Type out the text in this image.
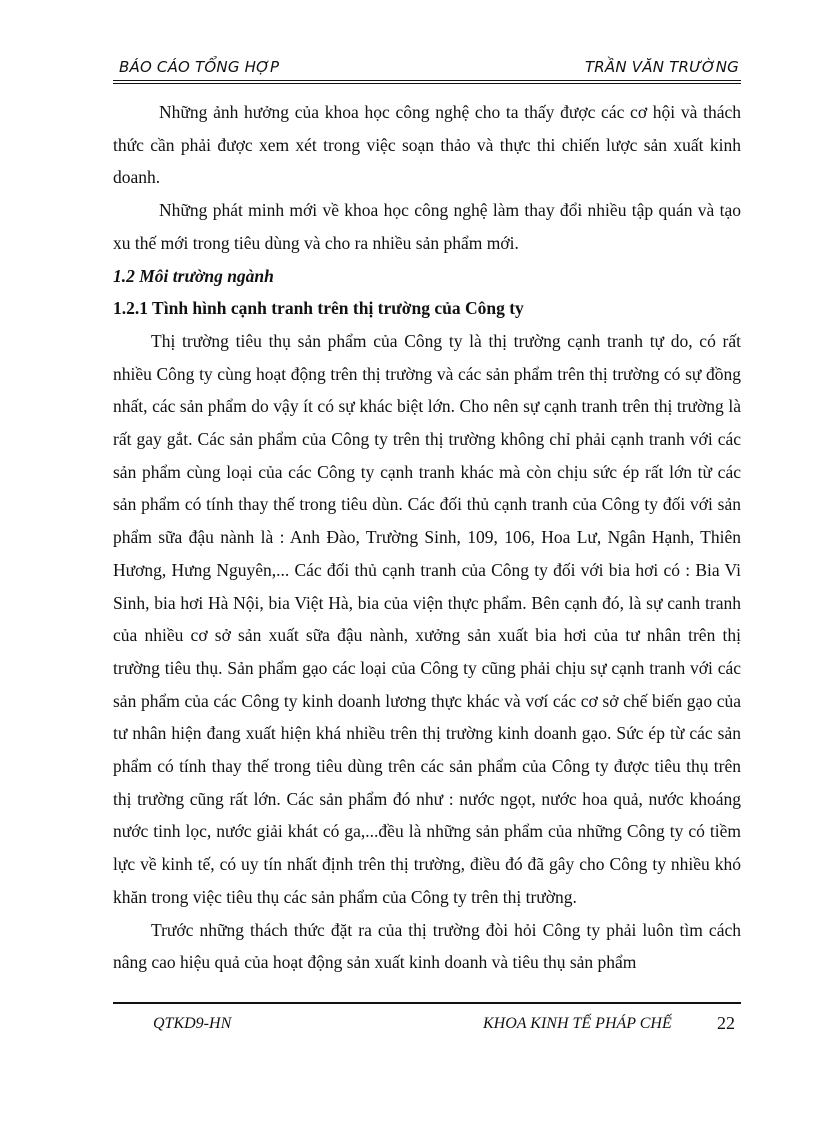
BÁO CÁO TỔNG HỢP	TRẦN VĂN TRƯỜNG

Những ảnh hưởng của khoa học công nghệ cho ta thấy được các cơ hội và thách thức cần phải được xem xét trong việc soạn thảo và thực thi chiến lược sản xuất kinh doanh.

Những phát minh mới về khoa học công nghệ làm thay đổi nhiều tập quán và tạo xu thế mới trong tiêu dùng và cho ra nhiều sản phẩm mới.

1.2 Môi trường ngành

1.2.1 Tình hình cạnh tranh trên thị trường của Công ty

Thị trường tiêu thụ sản phẩm của Công ty là thị trường cạnh tranh tự do, có rất nhiều Công ty cùng hoạt động trên thị trường và các sản phẩm trên thị trường có sự đồng nhất, các sản phẩm do vậy ít có sự khác biệt lớn. Cho nên sự cạnh tranh trên thị trường là rất gay gắt. Các sản phẩm của Công ty trên thị trường không chỉ phải cạnh tranh với các sản phẩm cùng loại của các Công ty cạnh tranh khác mà còn chịu sức ép rất lớn từ các sản phẩm có tính thay thế trong tiêu dùn. Các đối thủ cạnh tranh của Công ty đối với sản phẩm sữa đậu nành là : Anh Đào, Trường Sinh, 109, 106, Hoa Lư, Ngân Hạnh, Thiên Hương, Hưng Nguyên,... Các đối thủ cạnh tranh của Công ty đối với bia hơi có : Bia Vi Sinh, bia hơi Hà Nội, bia Việt Hà, bia của viện thực phẩm. Bên cạnh đó, là sự canh tranh của nhiều cơ sở sản xuất sữa đậu nành, xưởng sản xuất bia hơi của tư nhân trên thị trường tiêu thụ. Sản phẩm gạo các loại của Công ty cũng phải chịu sự cạnh tranh với các sản phẩm của các Công ty kinh doanh lương thực khác và vơí các cơ sở chế biến gạo của tư nhân hiện đang xuất hiện khá nhiều trên thị trường kinh doanh gạo. Sức ép từ các sản phẩm có tính thay thế trong tiêu dùng trên các sản phẩm của Công ty được tiêu thụ trên thị trường cũng rất lớn. Các sản phẩm đó như : nước ngọt, nước hoa quả, nước khoáng nước tinh lọc, nước giải khát có ga,...đều là những sản phẩm của những Công ty có tiềm lực về kinh tế, có uy tín nhất định trên thị trường, điều đó đã gây cho Công ty nhiều khó khăn trong việc tiêu thụ các sản phẩm của Công ty trên thị trường.

Trước những thách thức đặt ra của thị trường đòi hỏi Công ty phải luôn tìm cách nâng cao hiệu quả của hoạt động sản xuất kinh doanh và tiêu thụ sản phẩm

QTKD9-HN	KHOA KINH TẾ PHÁP CHẾ	22
